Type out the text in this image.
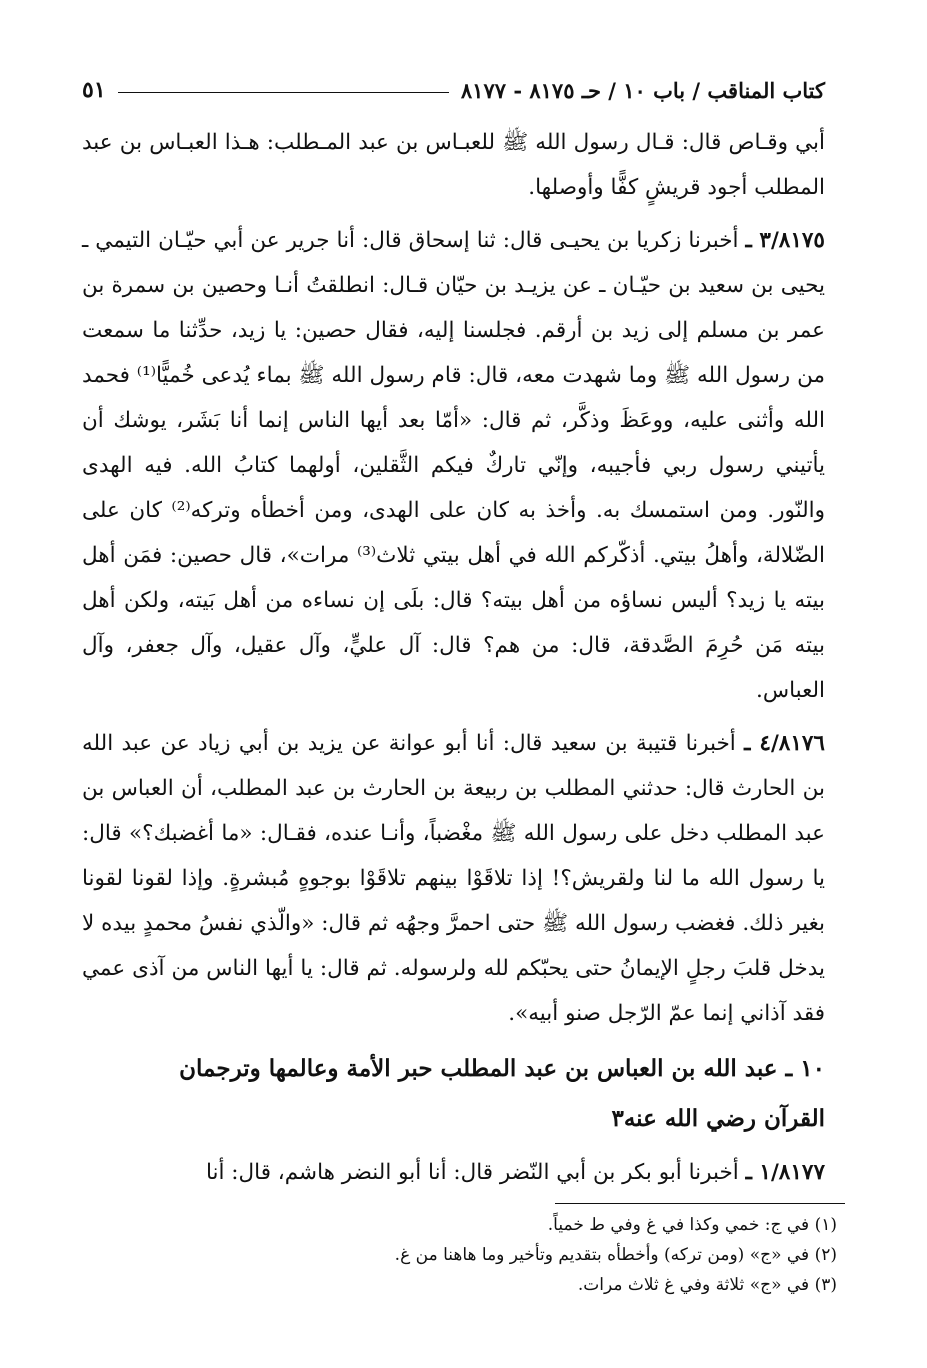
كتاب المناقب / باب ١٠ / حـ ٨١٧٥ - ٨١٧٧
٥١

أبي وقـاص قال: قـال رسول الله ﷺ للعبـاس بن عبد المـطلب: هـذا العبـاس بن عبد المطلب أجود قريشٍ كفًّا وأوصلها.

٣/٨١٧٥ ـ أخبرنا زكريا بن يحيـى قال: ثنا إسحاق قال: أنا جرير عن أبي حيّـان التيمي ـ يحيى بن سعيد بن حيّـان ـ عن يزيـد بن حيّان قـال: انطلقتُ أنـا وحصين بن سمرة بن عمر بن مسلم إلى زيد بن أرقم. فجلسنا إليه، فقال حصين: يا زيد، حدِّثنا ما سمعت من رسول الله ﷺ وما شهدت معه، قال: قام رسول الله ﷺ بماء يُدعى خُميًّا⁽¹⁾ فحمد الله وأثنى عليه، ووعَظَ وذكَّر، ثم قال: «أمّا بعد أيها الناس إنما أنا بَشَر، يوشك أن يأتيني رسول ربي فأجيبه، وإنّي تاركٌ فيكم الثَّقلين، أولهما كتابُ الله. فيه الهدى والنّور. ومن استمسك به. وأخذ به كان على الهدى، ومن أخطأه وتركه⁽²⁾ كان على الضّلالة، وأهلُ بيتي. أذكّركم الله في أهل بيتي ثلاث⁽³⁾ مرات»، قال حصين: فمَن أهل بيته يا زيد؟ أليس نساؤه من أهل بيته؟ قال: بلَى إن نساءه من أهل بَيته، ولكن أهل بيته مَن حُرِمَ الصَّدقة، قال: من هم؟ قال: آل عليٍّ، وآل عقيل، وآل جعفر، وآل العباس.

٤/٨١٧٦ ـ أخبرنا قتيبة بن سعيد قال: أنا أبو عوانة عن يزيد بن أبي زياد عن عبد الله بن الحارث قال: حدثني المطلب بن ربيعة بن الحارث بن عبد المطلب، أن العباس بن عبد المطلب دخل على رسول الله ﷺ مغْضباً، وأنـا عنده، فقـال: «ما أغضبك؟» قال: يا رسول الله ما لنا ولقريش؟! إذا تلاقَوْا بينهم تلاقَوْا بوجوهٍ مُبشرةٍ. وإذا لقونا لقونا بغير ذلك. فغضب رسول الله ﷺ حتى احمرَّ وجهُه ثم قال: «والّذي نفسُ محمدٍ بيده لا يدخل قلبَ رجلٍ الإيمانُ حتى يحبّكم لله ولرسوله. ثم قال: يا أيها الناس من آذى عمي فقد آذاني إنما عمّ الرّجل صنو أبيه».

١٠ ـ عبد الله بن العباس بن عبد المطلب حبر الأمة وعالمها وترجمان
القرآن رضي الله عنه٣

١/٨١٧٧ ـ أخبرنا أبو بكر بن أبي النّضر قال: أنا أبو النضر هاشم، قال: أنا

(١) في ج: خمي وكذا في غ وفي ط خمياً.
(٢) في «ج» (ومن تركه) وأخطأه بتقديم وتأخير وما هاهنا من غ.
(٣) في «ج» ثلاثة وفي غ ثلاث مرات.
